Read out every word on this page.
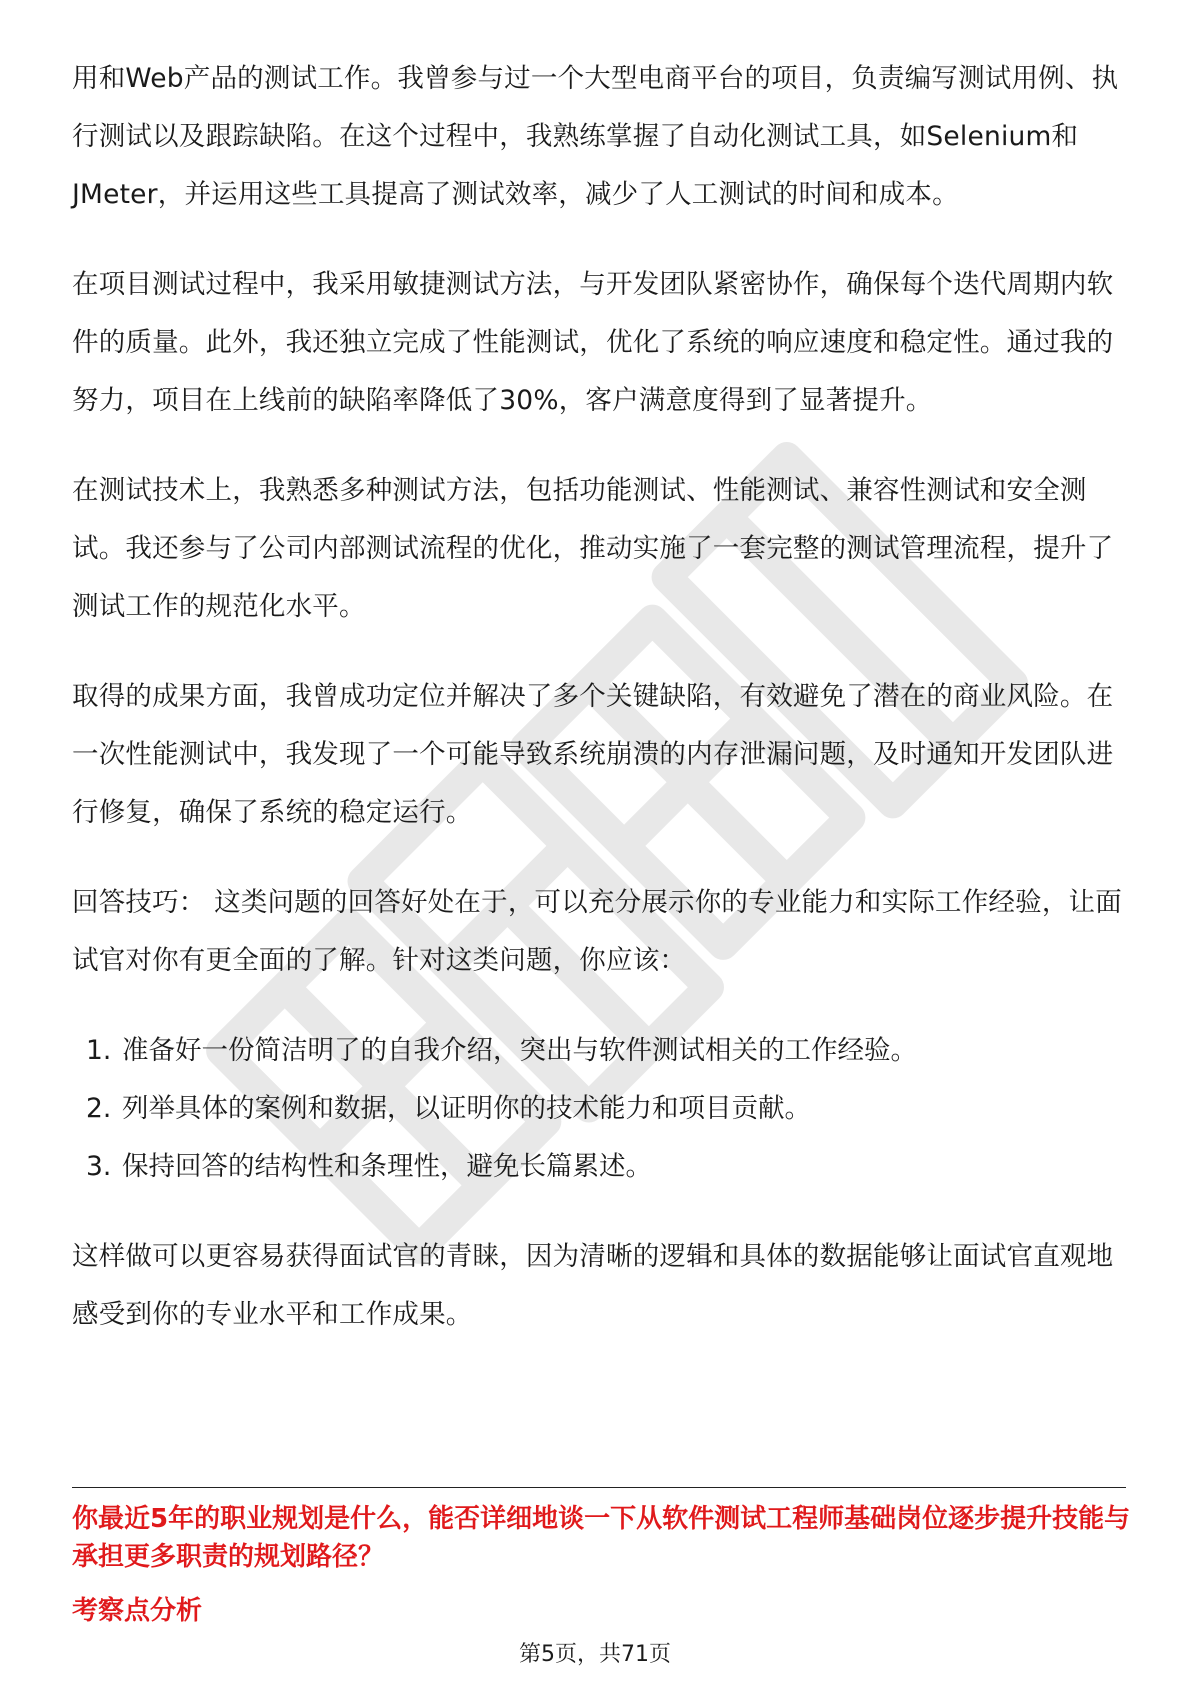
用和Web产品的测试工作。我曾参与过一个大型电商平台的项目，负责编写测试用例、执行测试以及跟踪缺陷。在这个过程中，我熟练掌握了自动化测试工具，如Selenium和JMeter，并运用这些工具提高了测试效率，减少了人工测试的时间和成本。

在项目测试过程中，我采用敏捷测试方法，与开发团队紧密协作，确保每个迭代周期内软件的质量。此外，我还独立完成了性能测试，优化了系统的响应速度和稳定性。通过我的努力，项目在上线前的缺陷率降低了30%，客户满意度得到了显著提升。

在测试技术上，我熟悉多种测试方法，包括功能测试、性能测试、兼容性测试和安全测试。我还参与了公司内部测试流程的优化，推动实施了一套完整的测试管理流程，提升了测试工作的规范化水平。

取得的成果方面，我曾成功定位并解决了多个关键缺陷，有效避免了潜在的商业风险。在一次性能测试中，我发现了一个可能导致系统崩溃的内存泄漏问题，及时通知开发团队进行修复，确保了系统的稳定运行。

回答技巧： 这类问题的回答好处在于，可以充分展示你的专业能力和实际工作经验，让面试官对你有更全面的了解。针对这类问题，你应该：

1. 准备好一份简洁明了的自我介绍，突出与软件测试相关的工作经验。
2. 列举具体的案例和数据，以证明你的技术能力和项目贡献。
3. 保持回答的结构性和条理性，避免长篇累述。

这样做可以更容易获得面试官的青睐，因为清晰的逻辑和具体的数据能够让面试官直观地感受到你的专业水平和工作成果。

你最近5年的职业规划是什么，能否详细地谈一下从软件测试工程师基础岗位逐步提升技能与承担更多职责的规划路径？
考察点分析
第5页，共71页
